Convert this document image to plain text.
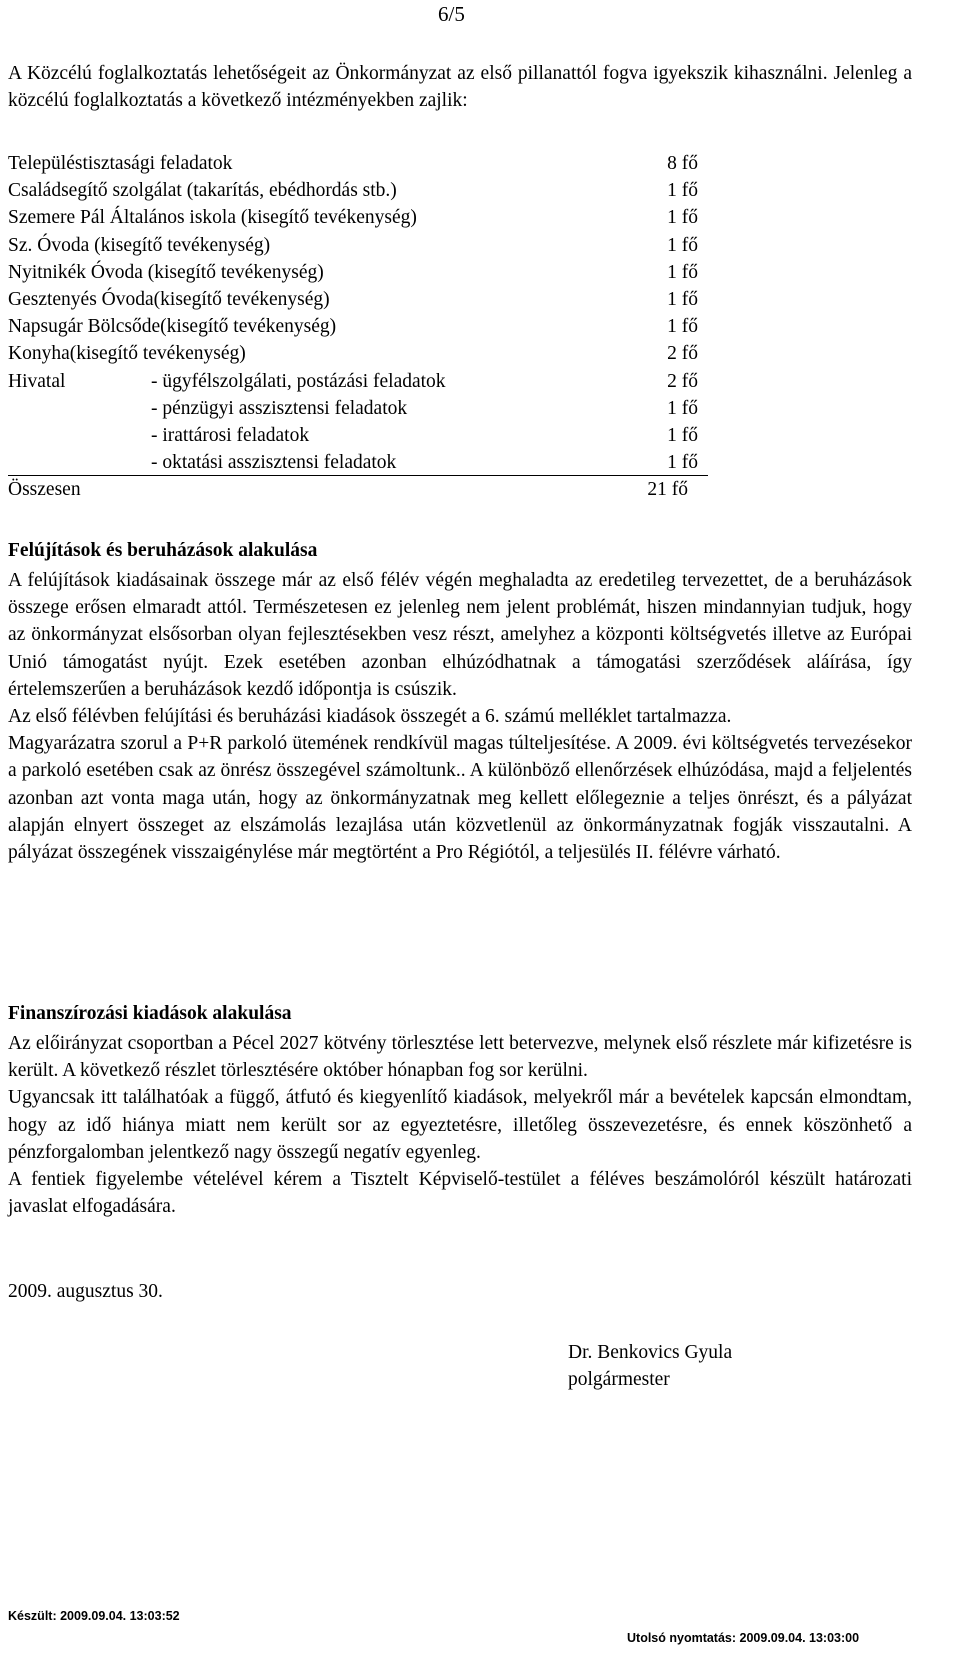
6/5
A Közcélú foglalkoztatás lehetőségeit az Önkormányzat az első pillanattól fogva igyekszik kihasználni. Jelenleg a közcélú foglalkoztatás a következő intézményekben zajlik:
Településtisztasági feladatok	8 fő
Családsegítő szolgálat (takarítás, ebédhordás stb.)	1 fő
Szemere Pál Általános iskola (kisegítő tevékenység)	1 fő
Sz. Óvoda (kisegítő tevékenység)	1 fő
Nyitnikék Óvoda (kisegítő tevékenység)	1 fő
Gesztenyés Óvoda(kisegítő tevékenység)	1 fő
Napsugár Bölcsőde(kisegítő tevékenység)	1 fő
Konyha(kisegítő tevékenység)	2 fő
Hivatal	- ügyfélszolgálati, postázási feladatok	2 fő
- pénzügyi asszisztensi feladatok	1 fő
- irattárosi feladatok	1 fő
- oktatási asszisztensi feladatok	1 fő
Összesen	21 fő
Felújítások és beruházások alakulása

A felújítások kiadásainak összege már az első félév végén meghaladta az eredetileg tervezettet, de a beruházások összege erősen elmaradt attól. Természetesen ez jelenleg nem jelent problémát, hiszen mindannyian tudjuk, hogy az önkormányzat elsősorban olyan fejlesztésekben vesz részt, amelyhez a központi költségvetés illetve az Európai Unió támogatást nyújt. Ezek esetében azonban elhúzódhatnak a támogatási szerződések aláírása, így értelemszerűen a beruházások kezdő időpontja is csúszik.

Az első félévben felújítási és beruházási kiadások összegét a 6. számú melléklet tartalmazza.

Magyarázatra szorul a P+R parkoló ütemének rendkívül magas túlteljesítése. A 2009. évi költségvetés tervezésekor a parkoló esetében csak az önrész összegével számoltunk.. A különböző ellenőrzések elhúzódása, majd a feljelentés azonban azt vonta maga után, hogy az önkormányzatnak meg kellett előlegeznie a teljes önrészt, és a pályázat alapján elnyert összeget az elszámolás lezajlása után közvetlenül az önkormányzatnak fogják visszautalni. A pályázat összegének visszaigénylése már megtörtént a Pro Régiótól, a teljesülés II. félévre várható.

Finanszírozási kiadások alakulása

Az előirányzat csoportban a Pécel 2027 kötvény törlesztése lett betervezve, melynek első részlete már kifizetésre is került. A következő részlet törlesztésére október hónapban fog sor kerülni.

Ugyancsak itt találhatóak a függő, átfutó és kiegyenlítő kiadások, melyekről már a bevételek kapcsán elmondtam, hogy az idő hiánya miatt nem került sor az egyeztetésre, illetőleg összevezetésre, és ennek köszönhető a pénzforgalomban jelentkező nagy összegű negatív egyenleg.

A fentiek figyelembe vételével kérem a Tisztelt Képviselő-testület a féléves beszámolóról készült határozati javaslat elfogadására.

2009. augusztus 30.
Dr. Benkovics Gyula
polgármester
Készült: 2009.09.04. 13:03:52
Utolsó nyomtatás: 2009.09.04. 13:03:00
